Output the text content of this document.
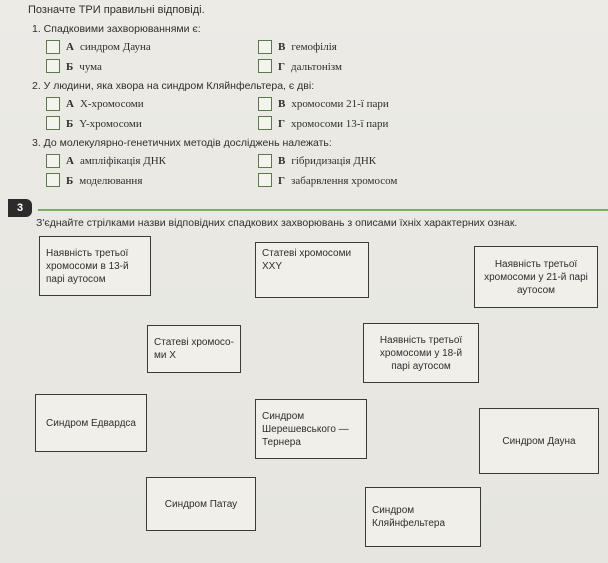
Позначте ТРИ правильні відповіді.
1. Спадковими захворюваннями є:
А синдром Дауна	В гемофілія
Б чума	Г дальтонізм
2. У людини, яка хвора на синдром Кляйнфельтера, є дві:
А X-хромосоми	В хромосоми 21-ї пари
Б Y-хромосоми	Г хромосоми 13-ї пари
3. До молекулярно-генетичних методів досліджень належать:
А ампліфікація ДНК	В гібридизація ДНК
Б моделювання	Г забарвлення хромосом
3
З'єднайте стрілками назви відповідних спадкових захворювань з описами їхніх характерних ознак.
Наявність третьої хромосоми в 13-й парі аутосом
Статеві хромосоми XXY	Наявність третьої хромосоми у 21-й парі аутосом
Статеві хромосо-ми X
Наявність третьої хромосоми у 18-й парі аутосом
Синдром Едвардса
Синдром Шерешевського — Тернера	Синдром Дауна
Синдром Патау
Синдром Кляйнфельтера
